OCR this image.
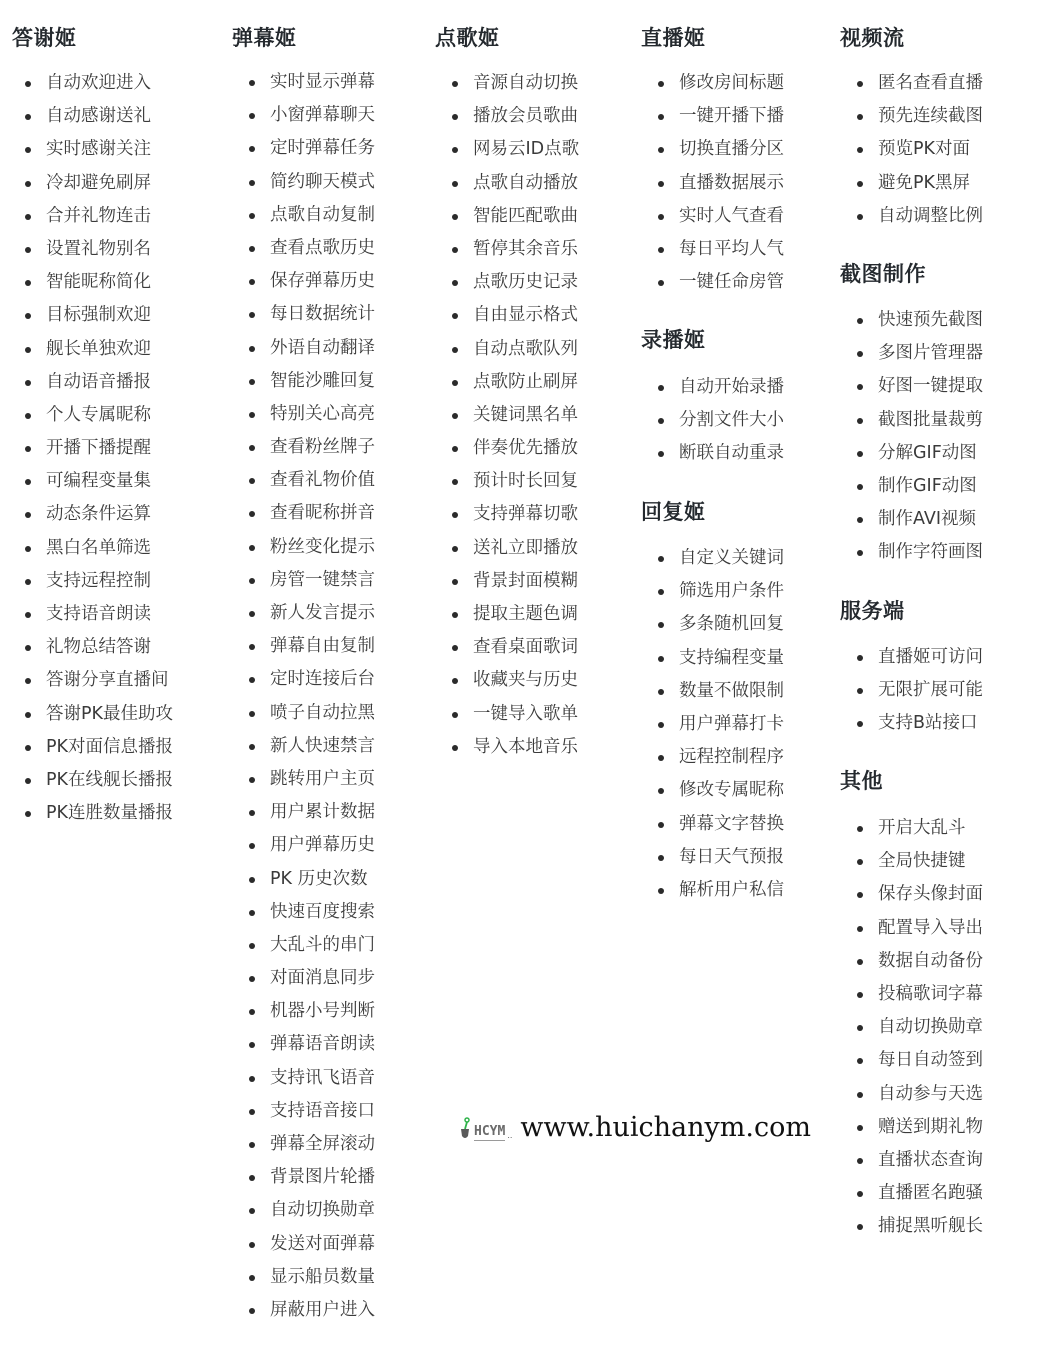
答谢姬
自动欢迎进入
自动感谢送礼
实时感谢关注
冷却避免刷屏
合并礼物连击
设置礼物别名
智能昵称简化
目标强制欢迎
舰长单独欢迎
自动语音播报
个人专属昵称
开播下播提醒
可编程变量集
动态条件运算
黑白名单筛选
支持远程控制
支持语音朗读
礼物总结答谢
答谢分享直播间
答谢PK最佳助攻
PK对面信息播报
PK在线舰长播报
PK连胜数量播报
弹幕姬
实时显示弹幕
小窗弹幕聊天
定时弹幕任务
简约聊天模式
点歌自动复制
查看点歌历史
保存弹幕历史
每日数据统计
外语自动翻译
智能沙雕回复
特别关心高亮
查看粉丝牌子
查看礼物价值
查看昵称拼音
粉丝变化提示
房管一键禁言
新人发言提示
弹幕自由复制
定时连接后台
喷子自动拉黑
新人快速禁言
跳转用户主页
用户累计数据
用户弹幕历史
PK 历史次数
快速百度搜索
大乱斗的串门
对面消息同步
机器小号判断
弹幕语音朗读
支持讯飞语音
支持语音接口
弹幕全屏滚动
背景图片轮播
自动切换勋章
发送对面弹幕
显示船员数量
屏蔽用户进入
点歌姬
音源自动切换
播放会员歌曲
网易云ID点歌
点歌自动播放
智能匹配歌曲
暂停其余音乐
点歌历史记录
自由显示格式
自动点歌队列
点歌防止刷屏
关键词黑名单
伴奏优先播放
预计时长回复
支持弹幕切歌
送礼立即播放
背景封面模糊
提取主题色调
查看桌面歌词
收藏夹与历史
一键导入歌单
导入本地音乐
直播姬
修改房间标题
一键开播下播
切换直播分区
直播数据展示
实时人气查看
每日平均人气
一键任命房管
录播姬
自动开始录播
分割文件大小
断联自动重录
回复姬
自定义关键词
筛选用户条件
多条随机回复
支持编程变量
数量不做限制
用户弹幕打卡
远程控制程序
修改专属昵称
弹幕文字替换
每日天气预报
解析用户私信
视频流
匿名查看直播
预先连续截图
预览PK对面
避免PK黑屏
自动调整比例
截图制作
快速预先截图
多图片管理器
好图一键提取
截图批量裁剪
分解GIF动图
制作GIF动图
制作AVI视频
制作字符画图
服务端
直播姬可访问
无限扩展可能
支持B站接口
其他
开启大乱斗
全局快捷键
保存头像封面
配置导入导出
数据自动备份
投稿歌词字幕
自动切换勋章
每日自动签到
自动参与天选
赠送到期礼物
直播状态查询
直播匿名跑骚
捕捉黑听舰长
HCYM .. www.huichanym.com
